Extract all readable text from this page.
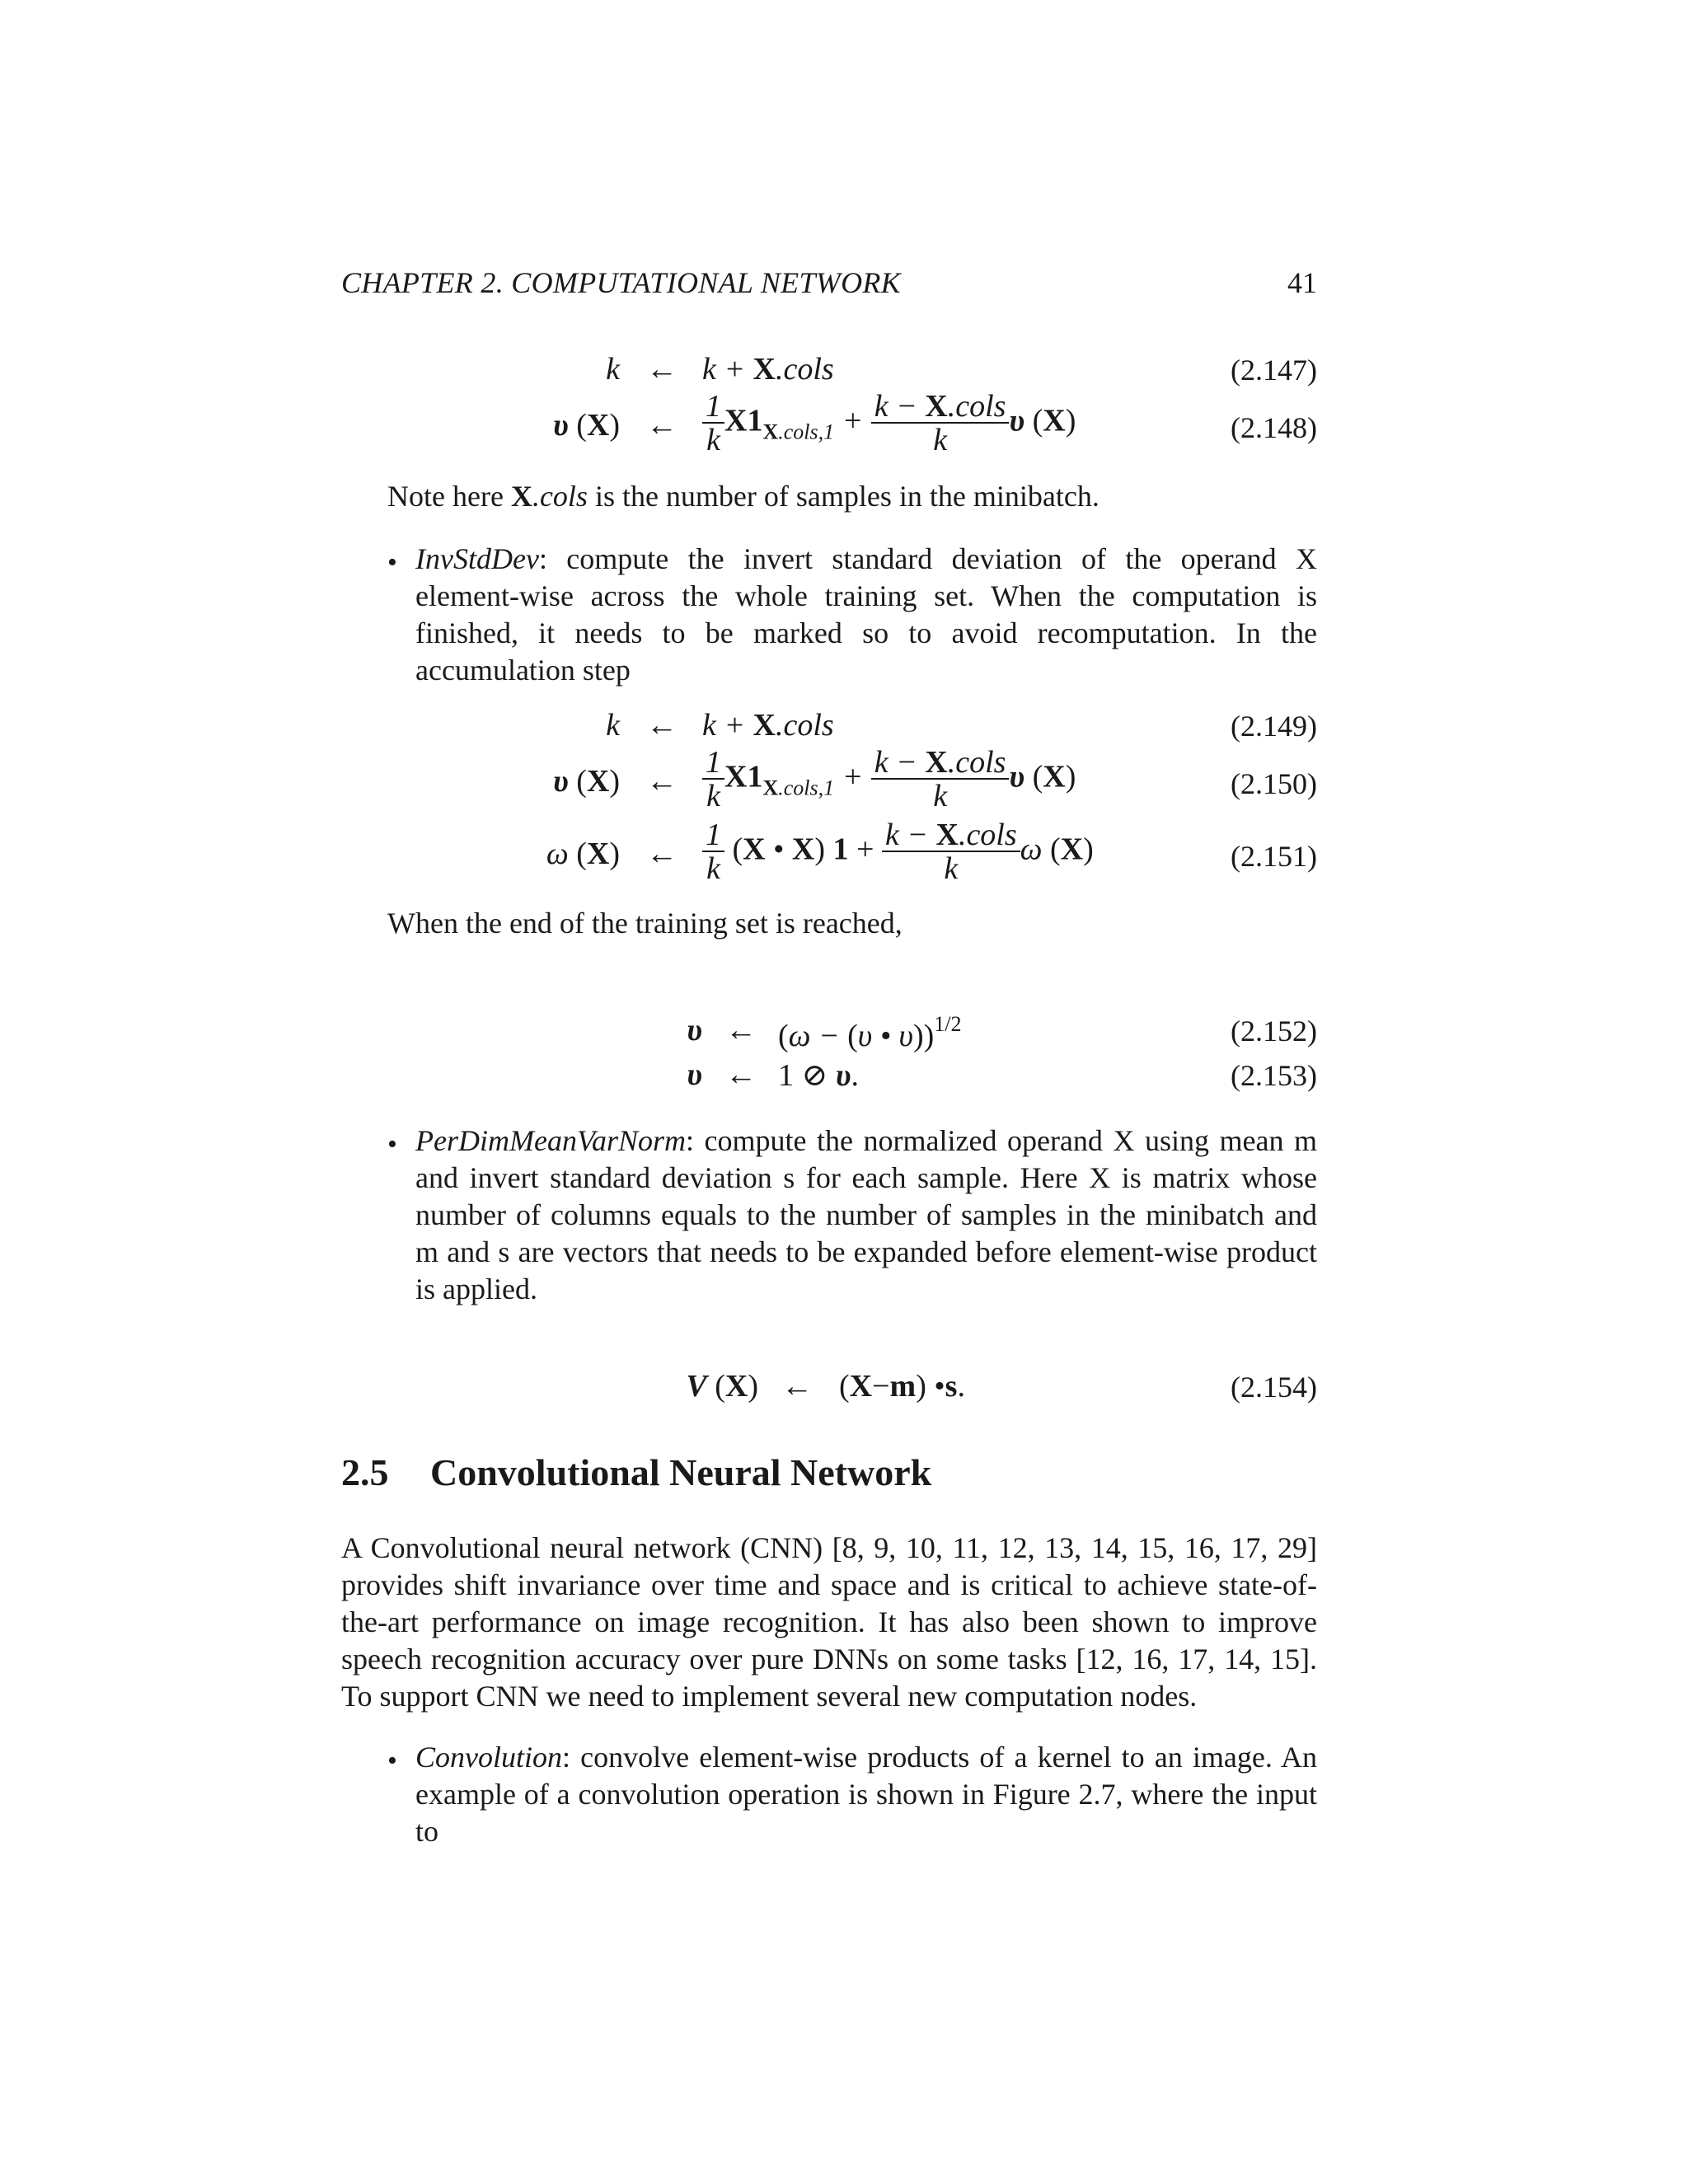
CHAPTER 2. COMPUTATIONAL NETWORK	41
k ← k + X.cols	(2.147)
υ (X) ← $\frac{1}{k} X1_{X.cols,1} + \frac{\text{k − X.cols}}{k}$ υ (X)	(2.148)
Note here X.cols is the number of samples in the minibatch.
• InvStdDev: compute the invert standard deviation of the operand X element-wise across the whole training set. When the computation is finished, it needs to be marked so to avoid recomputation. In the accumulation step
k ← k + X.cols	(2.149)
υ (X) ← $\frac{1}{k} X1_{X.cols,1} + \frac{\text{k − X.cols}}{k}$ υ (X)	(2.150)
ω (X) ← $\frac{1}{k} (X$ • X) $1 + \frac{\text{k − X.cols}}{k}$ ω (X)	(2.151)
When the end of the training set is reached,
υ ← (ω − (υ • υ))$^{1/2}$	(2.152)
υ ← 1 ⊘ υ.	(2.153)
• PerDimMeanVarNorm: compute the normalized operand X using mean m and invert standard deviation s for each sample. Here X is matrix whose number of columns equals to the number of samples in the minibatch and m and s are vectors that needs to be expanded before element-wise product is applied.
V (X) ← (X−m) •s.	(2.154)
2.5 Convolutional Neural Network
A Convolutional neural network (CNN) [8, 9, 10, 11, 12, 13, 14, 15, 16, 17, 29] provides shift invariance over time and space and is critical to achieve state-of-the-art performance on image recognition. It has also been shown to improve speech recognition accuracy over pure DNNs on some tasks [12, 16, 17, 14, 15]. To support CNN we need to implement several new computation nodes.
• Convolution: convolve element-wise products of a kernel to an image. An example of a convolution operation is shown in Figure 2.7, where the input to
